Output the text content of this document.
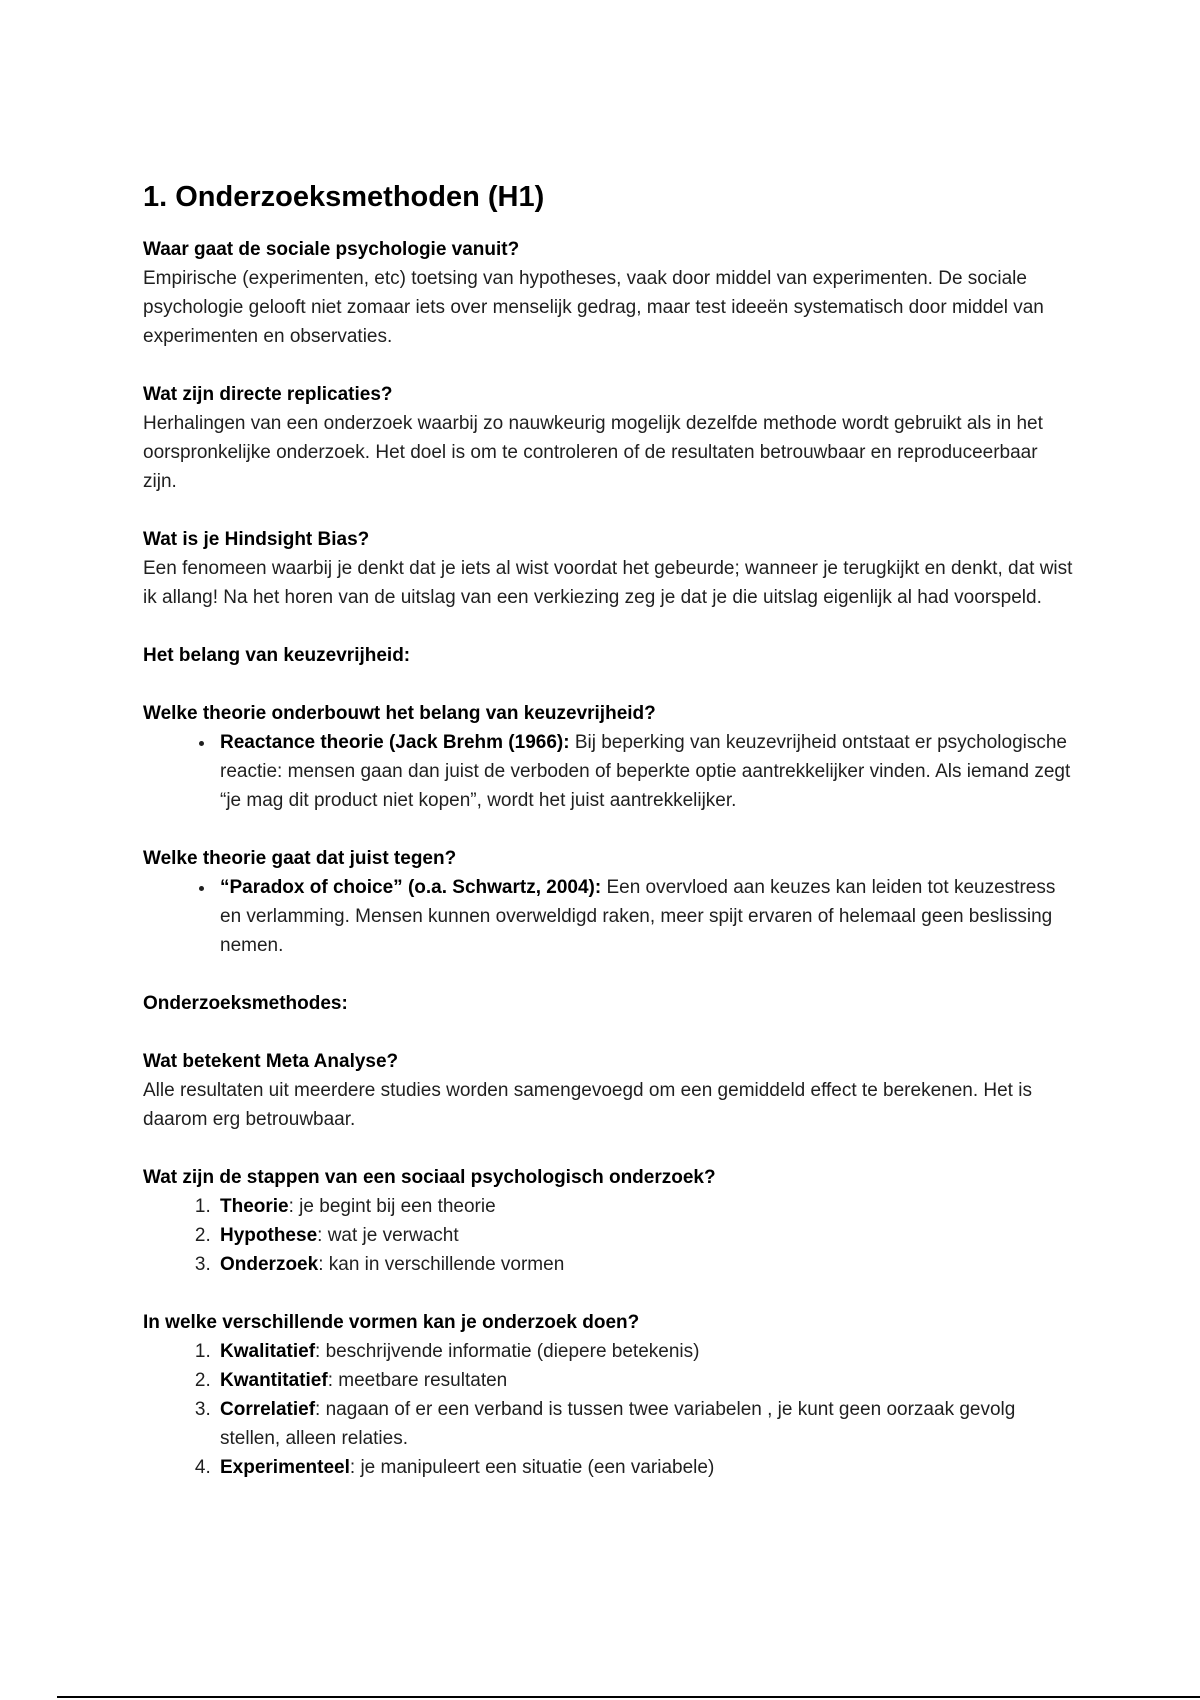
1. Onderzoeksmethoden (H1)
Waar gaat de sociale psychologie vanuit?

Empirische (experimenten, etc) toetsing van hypotheses, vaak door middel van experimenten. De sociale psychologie gelooft niet zomaar iets over menselijk gedrag, maar test ideeën systematisch door middel van experimenten en observaties.

Wat zijn directe replicaties?

Herhalingen van een onderzoek waarbij zo nauwkeurig mogelijk dezelfde methode wordt gebruikt als in het oorspronkelijke onderzoek. Het doel is om te controleren of de resultaten betrouwbaar en reproduceerbaar zijn.

Wat is je Hindsight Bias?

Een fenomeen waarbij je denkt dat je iets al wist voordat het gebeurde; wanneer je terugkijkt en denkt, dat wist ik allang! Na het horen van de uitslag van een verkiezing zeg je dat je die uitslag eigenlijk al had voorspeld.

Het belang van keuzevrijheid:
Welke theorie onderbouwt het belang van keuzevrijheid?
• Reactance theorie (Jack Brehm (1966): Bij beperking van keuzevrijheid ontstaat er psychologische reactie: mensen gaan dan juist de verboden of beperkte optie aantrekkelijker vinden. Als iemand zegt “je mag dit product niet kopen”, wordt het juist aantrekkelijker.
Welke theorie gaat dat juist tegen?
• “Paradox of choice” (o.a. Schwartz, 2004): Een overvloed aan keuzes kan leiden tot keuzestress en verlamming. Mensen kunnen overweldigd raken, meer spijt ervaren of helemaal geen beslissing nemen.
Onderzoeksmethodes:
Wat betekent Meta Analyse?

Alle resultaten uit meerdere studies worden samengevoegd om een gemiddeld effect te berekenen. Het is daarom erg betrouwbaar.

Wat zijn de stappen van een sociaal psychologisch onderzoek?
1. Theorie: je begint bij een theorie
2. Hypothese: wat je verwacht
3. Onderzoek: kan in verschillende vormen
In welke verschillende vormen kan je onderzoek doen?
1. Kwalitatief: beschrijvende informatie (diepere betekenis)
2. Kwantitatief: meetbare resultaten
3. Correlatief: nagaan of er een verband is tussen twee variabelen , je kunt geen oorzaak gevolg stellen, alleen relaties.
4. Experimenteel: je manipuleert een situatie (een variabele)
